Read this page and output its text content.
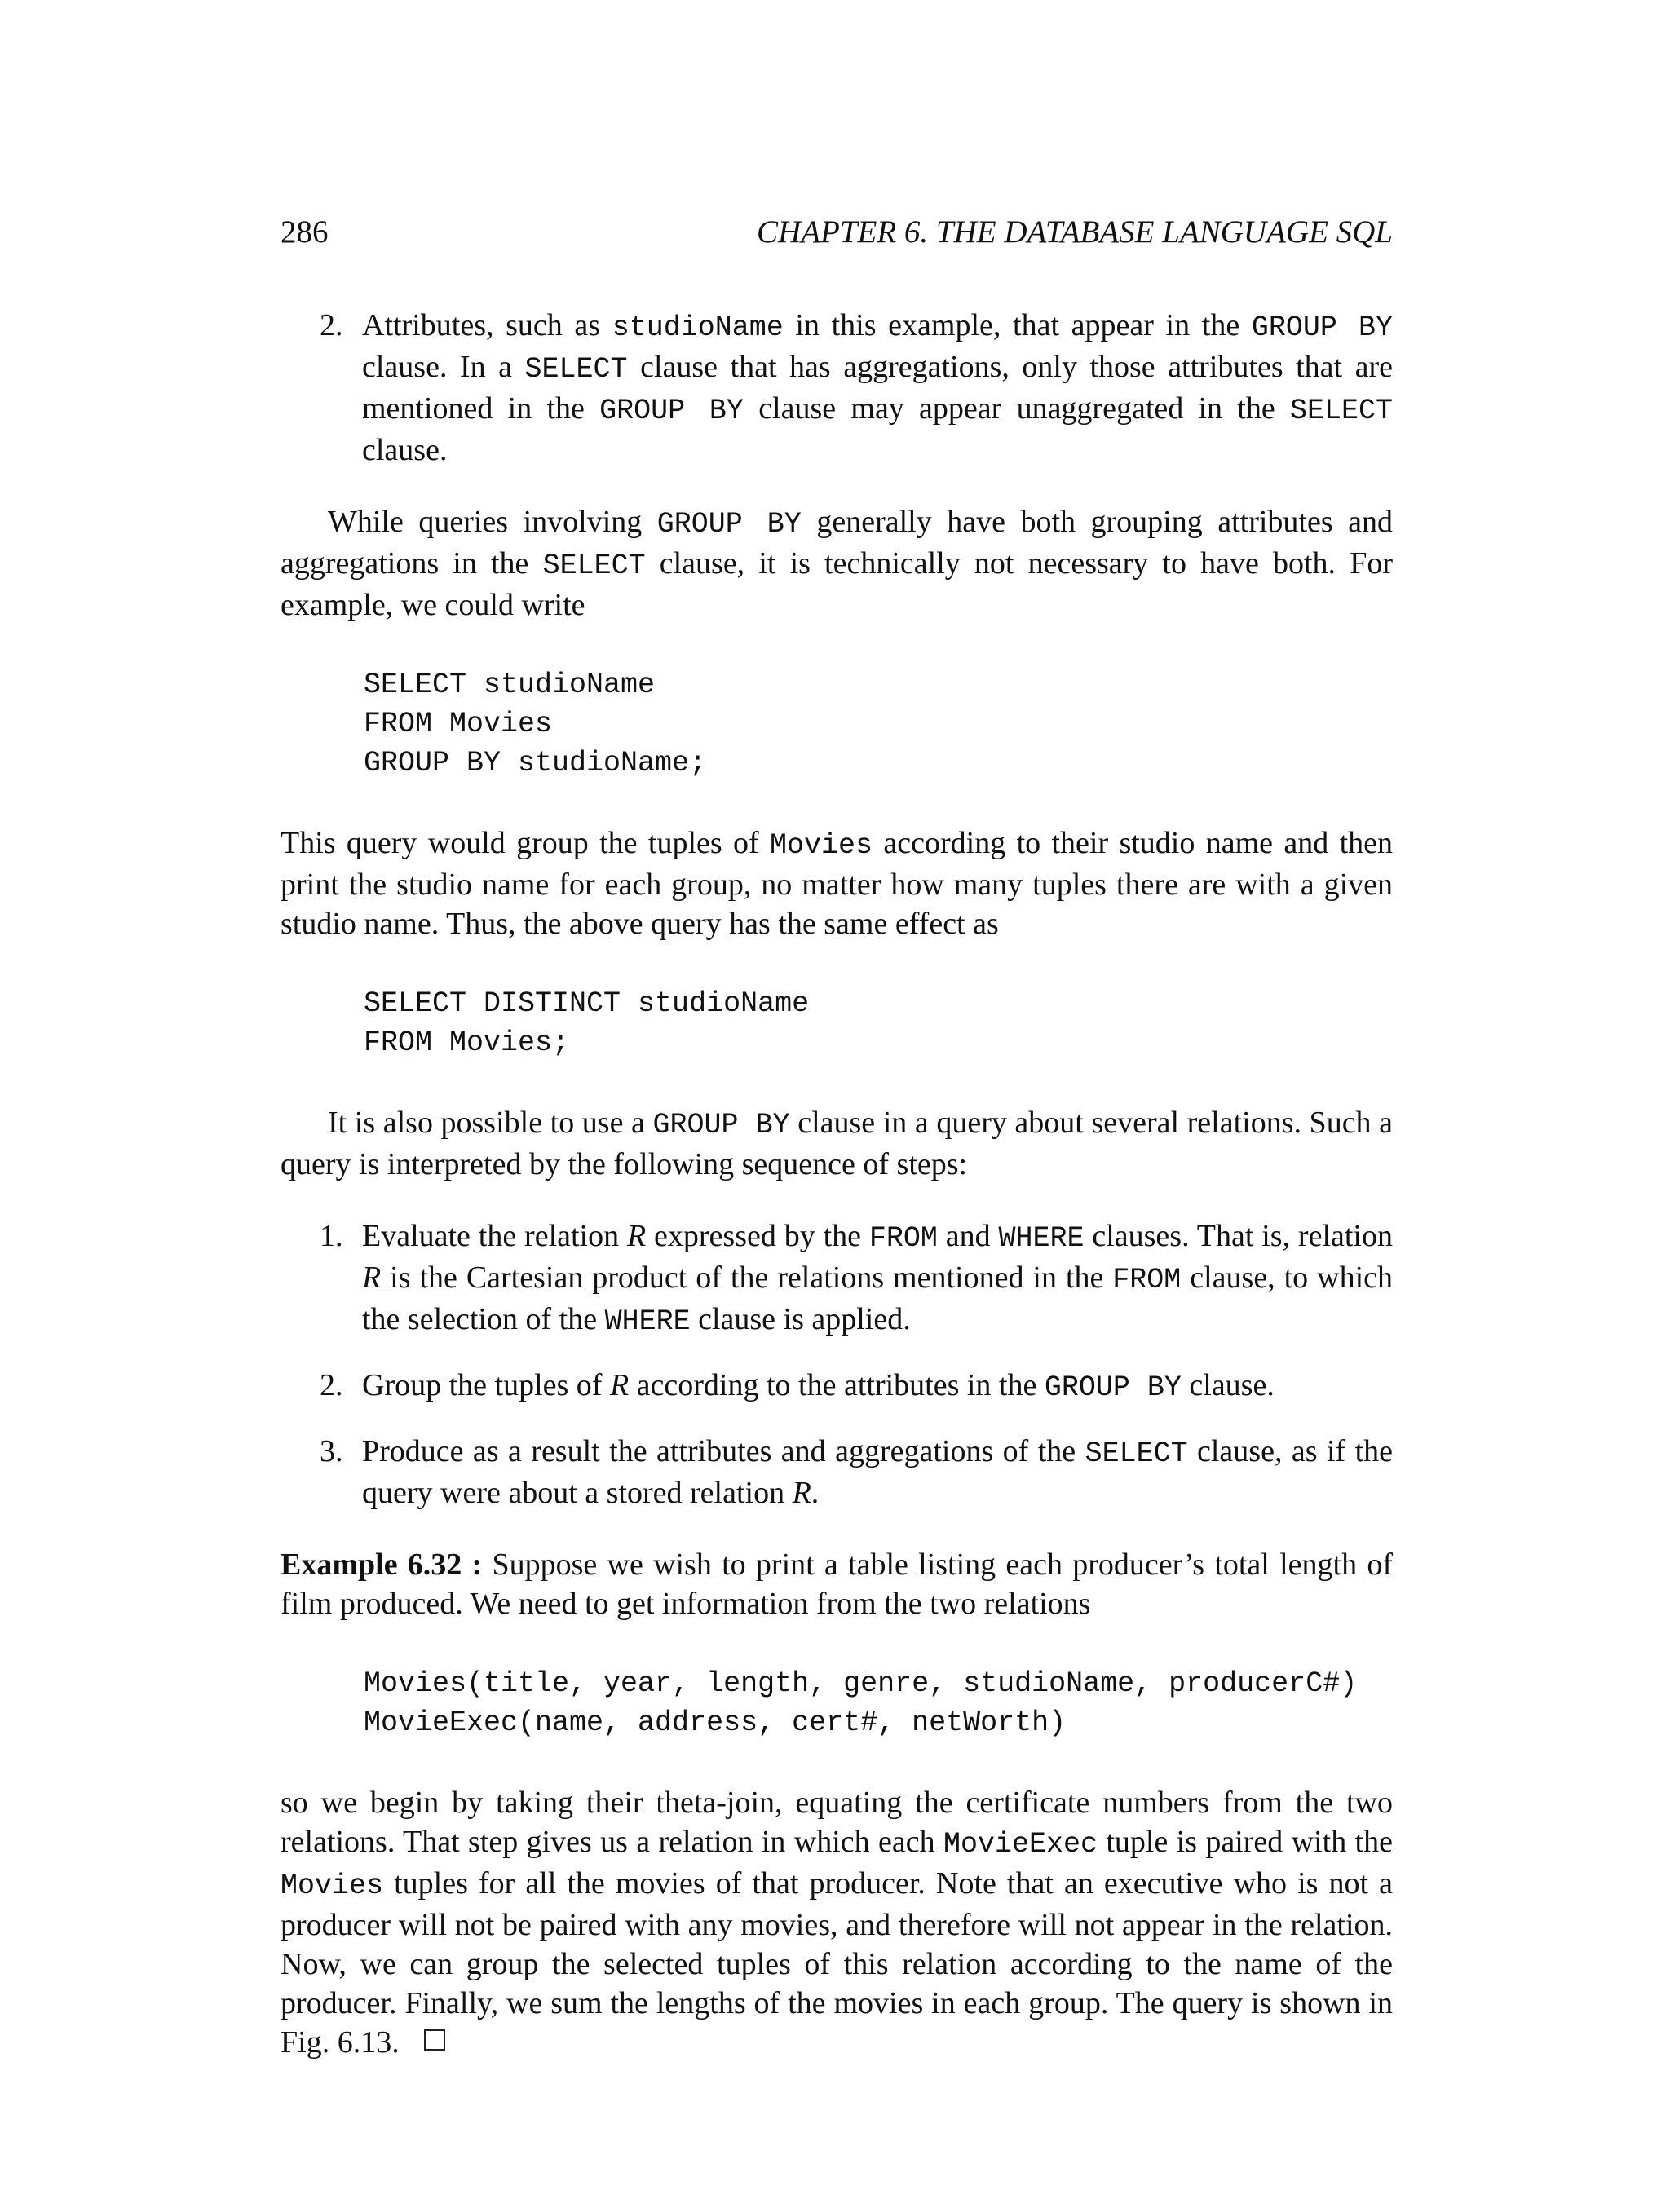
286	CHAPTER 6. THE DATABASE LANGUAGE SQL
2. Attributes, such as studioName in this example, that appear in the GROUP BY clause. In a SELECT clause that has aggregations, only those attributes that are mentioned in the GROUP BY clause may appear unaggregated in the SELECT clause.

While queries involving GROUP BY generally have both grouping attributes and aggregations in the SELECT clause, it is technically not necessary to have both. For example, we could write

SELECT studioName
FROM Movies
GROUP BY studioName;

This query would group the tuples of Movies according to their studio name and then print the studio name for each group, no matter how many tuples there are with a given studio name. Thus, the above query has the same effect as

SELECT DISTINCT studioName
FROM Movies;

It is also possible to use a GROUP BY clause in a query about several relations. Such a query is interpreted by the following sequence of steps:

1. Evaluate the relation R expressed by the FROM and WHERE clauses. That is, relation R is the Cartesian product of the relations mentioned in the FROM clause, to which the selection of the WHERE clause is applied.
2. Group the tuples of R according to the attributes in the GROUP BY clause.
3. Produce as a result the attributes and aggregations of the SELECT clause, as if the query were about a stored relation R.

Example 6.32 : Suppose we wish to print a table listing each producer’s total length of film produced. We need to get information from the two relations

Movies(title, year, length, genre, studioName, producerC#)
MovieExec(name, address, cert#, netWorth)

so we begin by taking their theta-join, equating the certificate numbers from the two relations. That step gives us a relation in which each MovieExec tuple is paired with the Movies tuples for all the movies of that producer. Note that an executive who is not a producer will not be paired with any movies, and therefore will not appear in the relation. Now, we can group the selected tuples of this relation according to the name of the producer. Finally, we sum the lengths of the movies in each group. The query is shown in Fig. 6.13.
